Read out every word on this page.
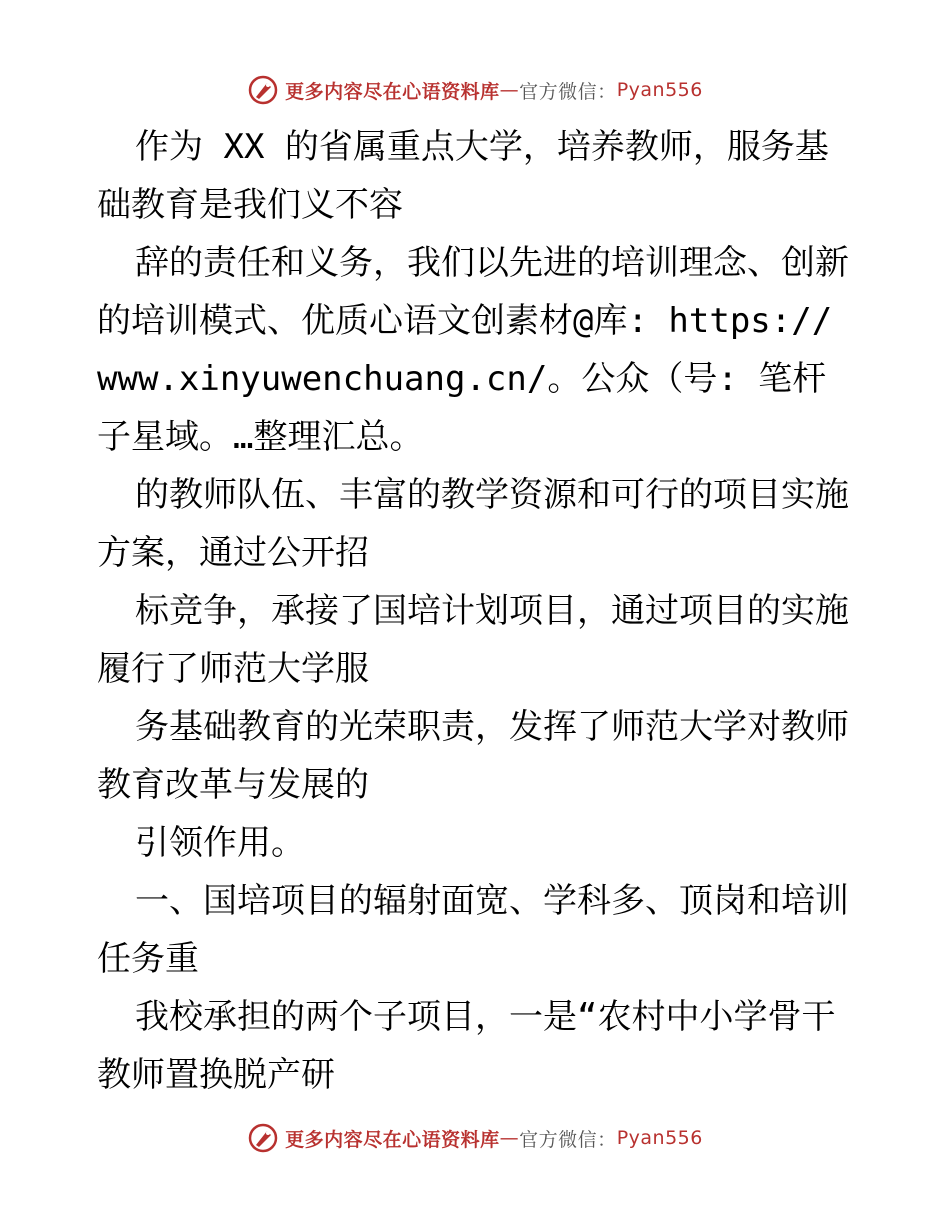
更多内容尽在心语资料库 — 官方微信： Pyan556

作为 XX 的省属重点大学，培养教师，服务基础教育是我们义不容

辞的责任和义务，我们以先进的培训理念、创新的培训模式、优质心语文创素材@库: https:// www.xinyuwenchuang.cn/。公众（号: 笔杆子星域。…整理汇总。

的教师队伍、丰富的教学资源和可行的项目实施方案，通过公开招

标竞争，承接了国培计划项目，通过项目的实施履行了师范大学服

务基础教育的光荣职责，发挥了师范大学对教师教育改革与发展的

引领作用。

一、国培项目的辐射面宽、学科多、顶岗和培训任务重

我校承担的两个子项目，一是“农村中小学骨干教师置换脱产研

更多内容尽在心语资料库 — 官方微信： Pyan556
